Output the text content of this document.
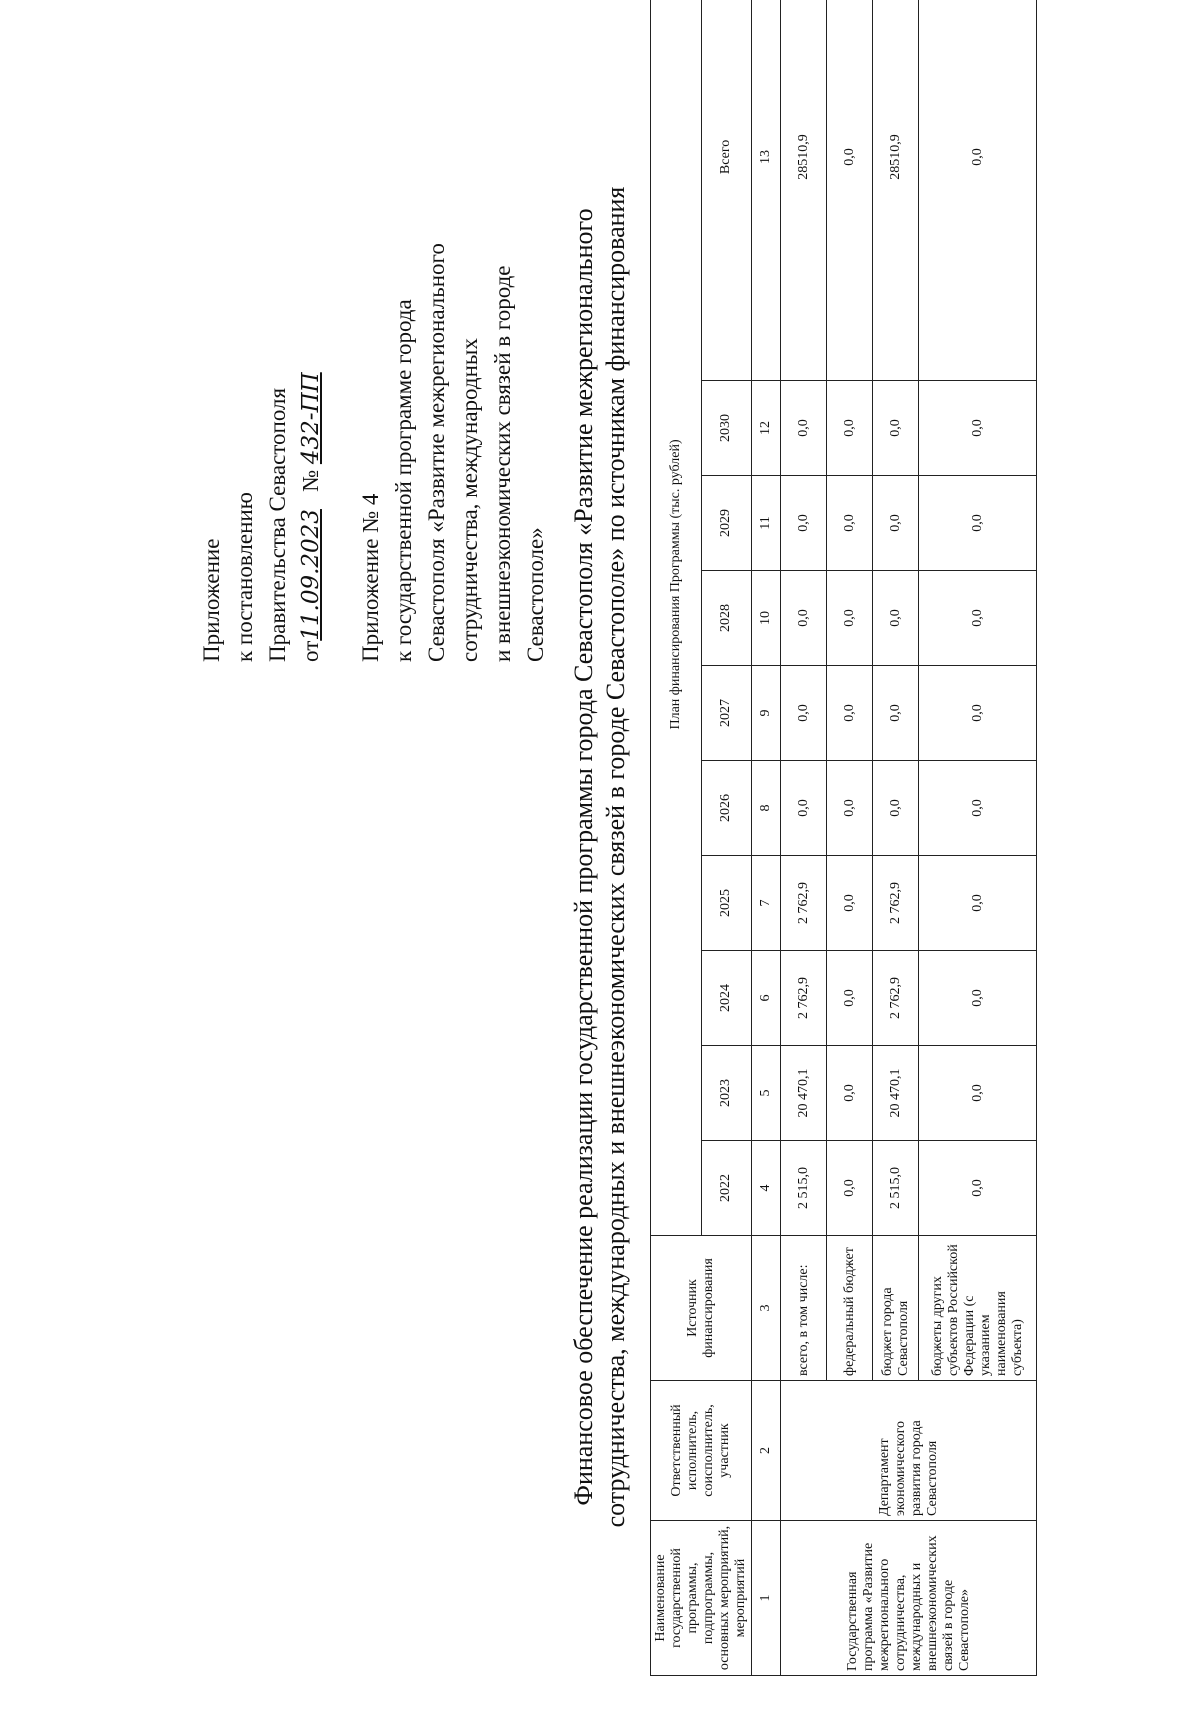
Приложение к постановлению Правительства Севастополя от11.09.2023   № 432-ПП
Приложение № 4 к государственной программе города Севастополя «Развитие межрегионального сотрудничества, международных и внешнеэкономических связей в городе Севастополе» Финансовое обеспечение реализации государственной программы города Севастополя «Развитие межрегионального сотрудничества, международных и внешнеэкономических связей в городе Севастополе» по источникам финансирования
Наименование государственной программы, подпрограммы, основных мероприятий, мероприятий	Ответственный исполнитель, соисполнитель, участник	Источник финансирования	План финансирования Программы (тыс. рублей)									
			2022	2023	2024	2025	2026	2027	2028	2029	2030	Всего
1	2	3	4	5	6	7	8	9	10	11	12	13
Государственная программа «Развитие межрегионального сотрудничества, международных и внешнеэкономических связей в городе Севастополе»	Департамент экономического развития города Севастополя	всего, в том числе:	2 515,0	20 470,1	2 762,9	2 762,9	0,0	0,0	0,0	0,0	0,0	28510,9
		федеральный бюджет	0,0	0,0	0,0	0,0	0,0	0,0	0,0	0,0	0,0	0,0
		бюджет города Севастополя	2 515,0	20 470,1	2 762,9	2 762,9	0,0	0,0	0,0	0,0	0,0	28510,9
		бюджеты других субъектов Российской Федерации (с указанием наименования субъекта)	0,0	0,0	0,0	0,0	0,0	0,0	0,0	0,0	0,0	0,0
